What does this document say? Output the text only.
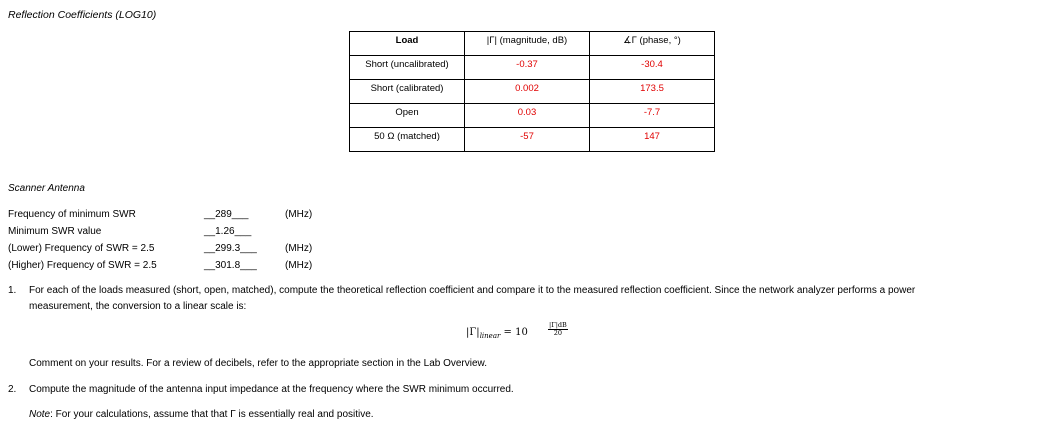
Reflection Coefficients (LOG10)
Load	|Γ| (magnitude, dB)	∡Γ (phase, °)
Short (uncalibrated)	-0.37	-30.4
Short (calibrated)	0.002	173.5
Open	0.03	-7.7
50 Ω (matched)	-57	147
Scanner Antenna
Frequency of minimum SWR	__289___	(MHz)
Minimum SWR value	__1.26___
(Lower) Frequency of SWR = 2.5	__299.3___	(MHz)
(Higher) Frequency of SWR = 2.5	__301.8___	(MHz)
1. For each of the loads measured (short, open, matched), compute the theoretical reflection coefficient and compare it to the measured reflection coefficient. Since the network analyzer performs a power
measurement, the conversion to a linear scale is:
$|\Gamma|_{linear} = 10$	$\frac{|\Gamma|dB}{20}$
Comment on your results. For a review of decibels, refer to the appropriate section in the Lab Overview.
2. Compute the magnitude of the antenna input impedance at the frequency where the SWR minimum occurred.
Note: For your calculations, assume that that Γ is essentially real and positive.
